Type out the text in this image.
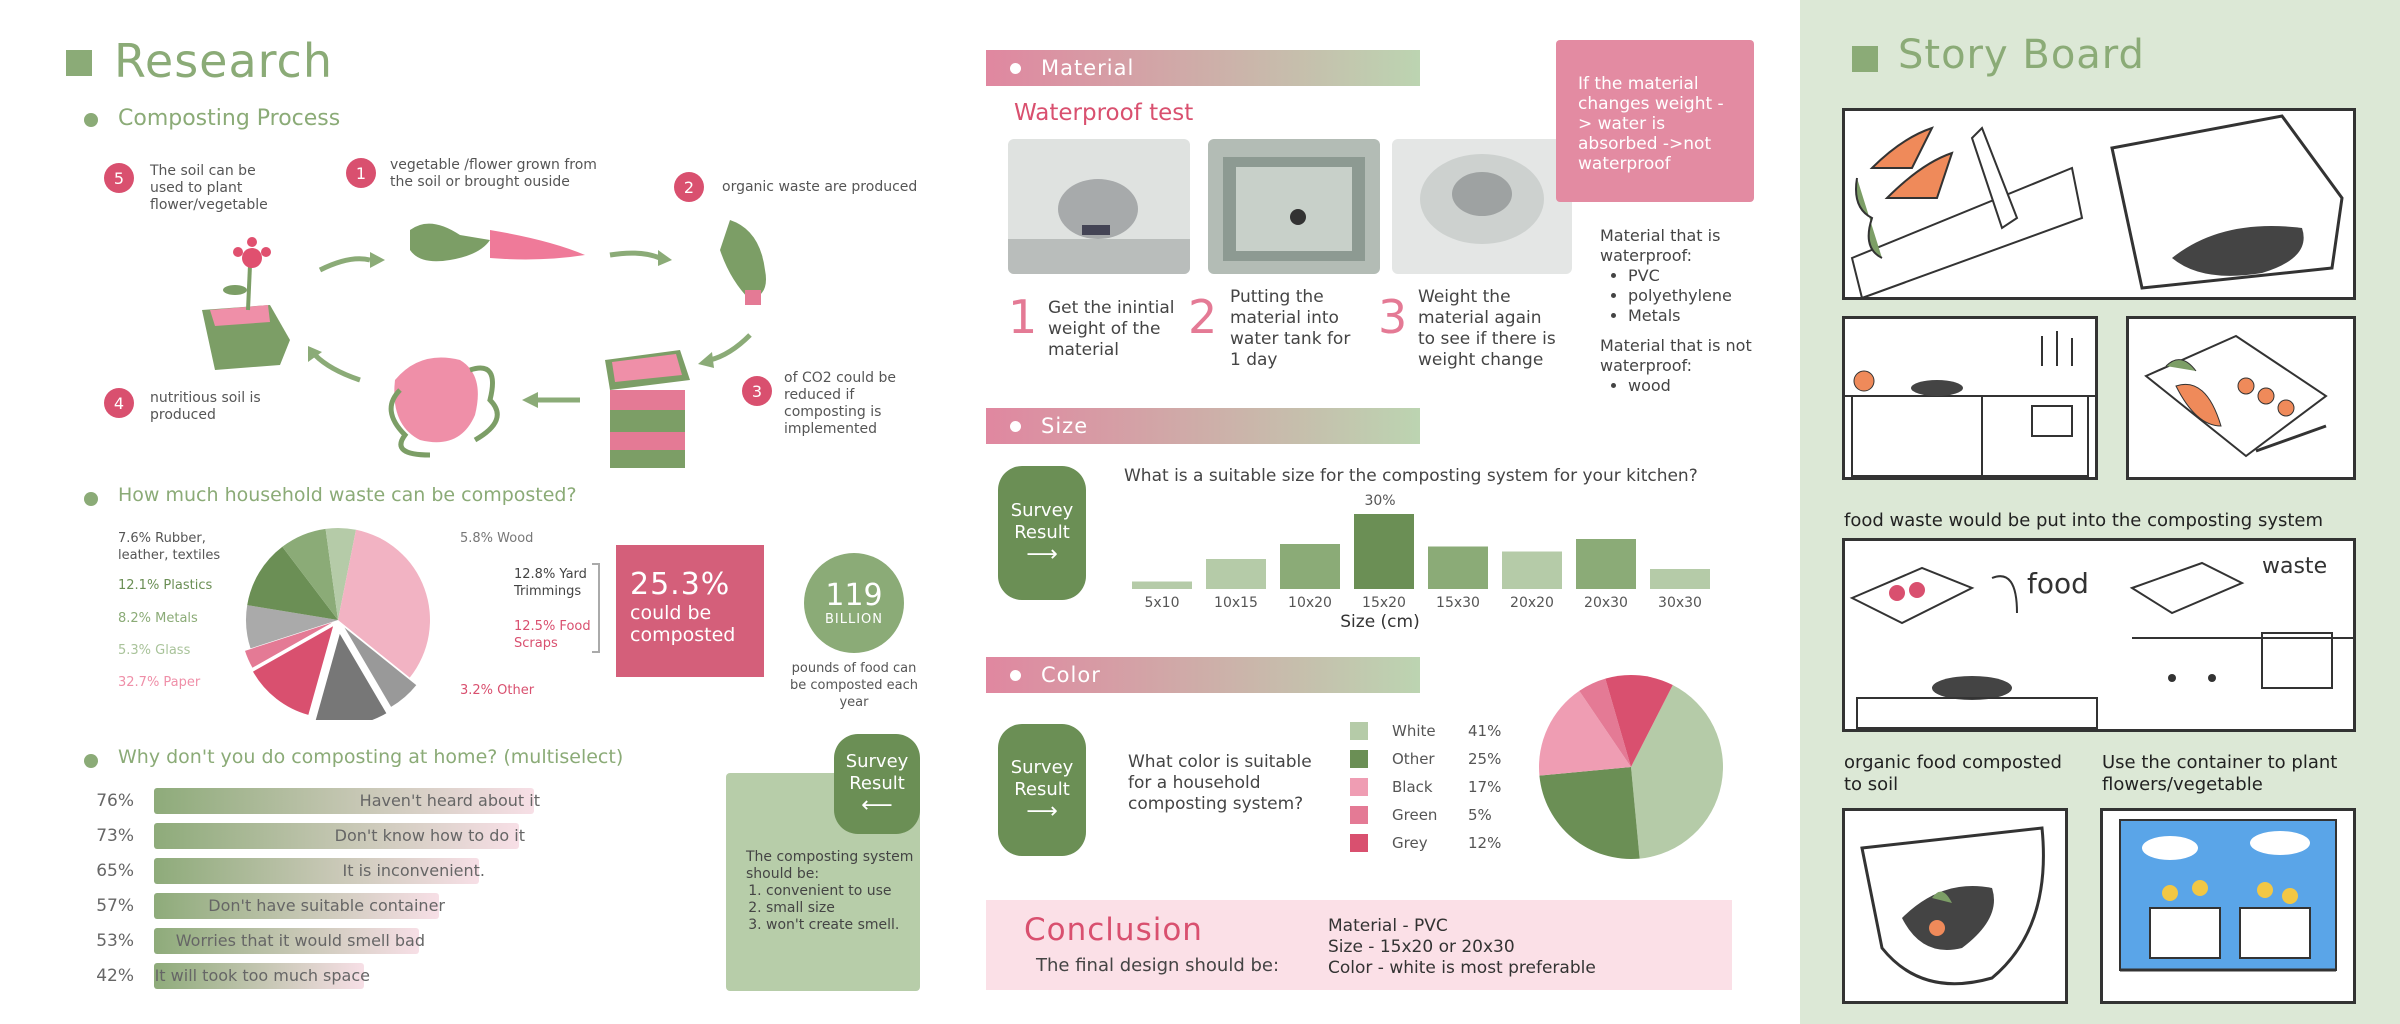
Research
Composting Process
5	The soil can be used to plant flower/vegetable
1	vegetable /flower grown from the soil or brought ouside	2	organic waste are produced
3
of CO2 could be reduced if composting is implemented
4	nutritious soil is produced
How much household waste can be composted?
7.6% Rubber, leather, textiles
12.1% Plastics
8.2% Metals
5.3% Glass
32.7% Paper
5.8% Wood
12.8% Yard Trimmings
12.5% Food Scraps
3.2% Other
25.3%
could be composted
119
BILLION
pounds of food can be composted each year
Why don't you do composting at home? (multiselect)
76%	Haven't heard about it
73%	Don't know how to do it
65%	It is inconvenient.
57%	Don't have suitable container
53%	Worries that it would smell bad
42% It will took too much space
The composting system should be:
1. convenient to use
2. small size
3. won't create smell.
Survey Result
⟵
Material
Waterproof test
1 Get the inintial weight of the material
2 Putting the material into water tank for 1 day
3 Weight the material again to see if there is weight change
If the material changes weight -> water is absorbed ->not waterproof
Material that is waterproof:
• PVC
• polyethylene
• Metals
Material that is not waterproof:
• wood
Size
Survey Result
⟶
What is a suitable size for the composting system for your kitchen?
5x10 10x15 10x20 15x20 15x30 20x20 20x30 30x30
30%
Size (cm)
Color
Survey Result
⟶
What color is suitable for a household composting system?
White 41%
Other 25%
Black 17%
Green 5%
Grey	12%
Conclusion
The final design should be:
Material - PVC
Size - 15x20 or 20x30
Color - white is most preferable
Story Board
food waste would be put into the composting system
food
waste
organic food composted to soil
Use the container to plant flowers/vegetable
